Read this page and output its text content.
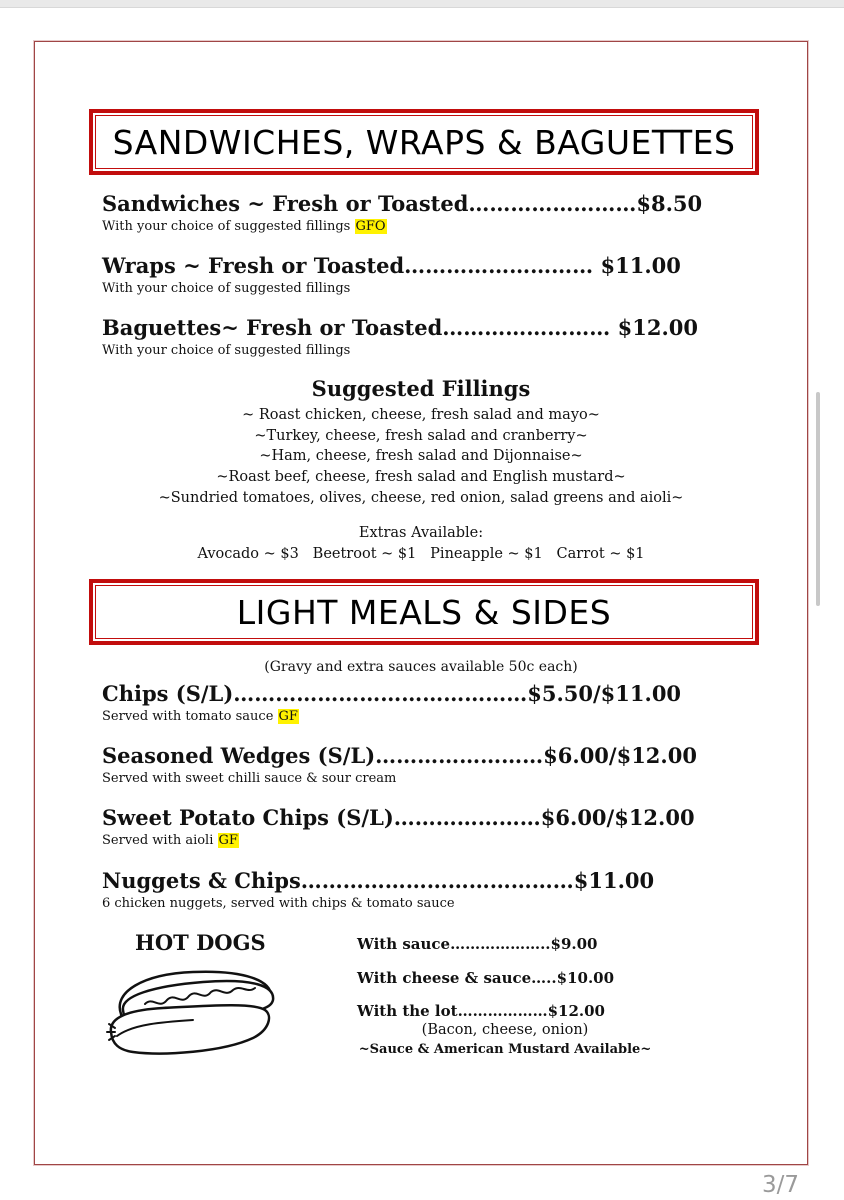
SANDWICHES, WRAPS & BAGUETTES
Sandwiches ~ Fresh or Toasted……………………$8.50
With your choice of suggested fillings GFO
Wraps ~ Fresh or Toasted……………………… $11.00
With your choice of suggested fillings
Baguettes~ Fresh or Toasted…………………… $12.00
With your choice of suggested fillings
Suggested Fillings
~ Roast chicken, cheese, fresh salad and mayo~
~Turkey, cheese, fresh salad and cranberry~
~Ham, cheese, fresh salad and Dijonnaise~
~Roast beef, cheese, fresh salad and English mustard~
~Sundried tomatoes, olives, cheese, red onion, salad greens and aioli~
Extras Available:
Avocado ~ $3   Beetroot ~ $1   Pineapple ~ $1   Carrot ~ $1
LIGHT MEALS & SIDES
(Gravy and extra sauces available 50c each)
Chips (S/L)……………………………………$5.50/$11.00
Served with tomato sauce GF
Seasoned Wedges (S/L)……………………$6.00/$12.00
Served with sweet chilli sauce & sour cream
Sweet Potato Chips (S/L)…………………$6.00/$12.00
Served with aioli GF
Nuggets & Chips…………………………………$11.00
6 chicken nuggets, served with chips & tomato sauce
HOT DOGS	With sauce………………..$9.00
With cheese & sauce…..$10.00
With the lot………………$12.00
(Bacon, cheese, onion)
~Sauce & American Mustard Available~
3/7
